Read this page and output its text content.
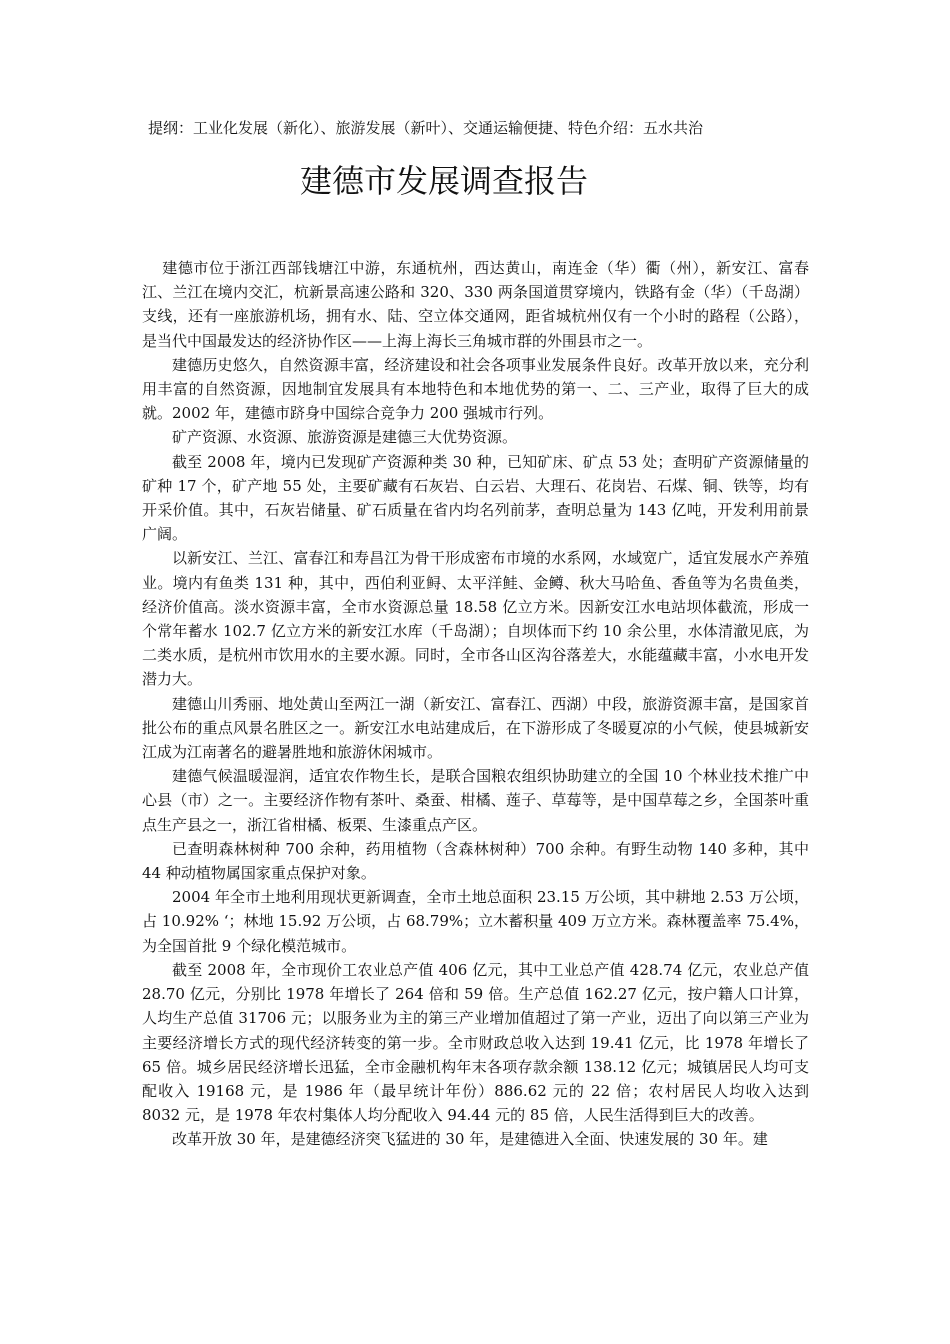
提纲：工业化发展（新化）、旅游发展（新叶）、交通运输便捷、特色介绍：五水共治
建德市发展调查报告

建德市位于浙江西部钱塘江中游，东通杭州，西达黄山，南连金（华）衢（州），新安江、富春江、兰江在境内交汇，杭新景高速公路和 320、330 两条国道贯穿境内，铁路有金（华）（千岛湖）支线，还有一座旅游机场，拥有水、陆、空立体交通网，距省城杭州仅有一个小时的路程（公路），是当代中国最发达的经济协作区——上海上海长三角城市群的外围县市之一。

建德历史悠久，自然资源丰富，经济建设和社会各项事业发展条件良好。改革开放以来，充分利用丰富的自然资源，因地制宜发展具有本地特色和本地优势的第一、二、三产业，取得了巨大的成就。2002 年，建德市跻身中国综合竞争力 200 强城市行列。

矿产资源、水资源、旅游资源是建德三大优势资源。

截至 2008 年，境内已发现矿产资源种类 30 种，已知矿床、矿点 53 处；查明矿产资源储量的矿种 17 个，矿产地 55 处，主要矿藏有石灰岩、白云岩、大理石、花岗岩、石煤、铜、铁等，均有开采价值。其中，石灰岩储量、矿石质量在省内均名列前茅，查明总量为 143 亿吨，开发利用前景广阔。

以新安江、兰江、富春江和寿昌江为骨干形成密布市境的水系网，水域宽广，适宜发展水产养殖业。境内有鱼类 131 种，其中，西伯利亚鲟、太平洋鲑、金鳟、秋大马哈鱼、香鱼等为名贵鱼类，经济价值高。淡水资源丰富，全市水资源总量 18.58 亿立方米。因新安江水电站坝体截流，形成一个常年蓄水 102.7 亿立方米的新安江水库（千岛湖）；自坝体而下约 10 余公里，水体清澈见底，为二类水质，是杭州市饮用水的主要水源。同时，全市各山区沟谷落差大，水能蕴藏丰富，小水电开发潜力大。

建德山川秀丽、地处黄山至两江一湖（新安江、富春江、西湖）中段，旅游资源丰富，是国家首批公布的重点风景名胜区之一。新安江水电站建成后，在下游形成了冬暖夏凉的小气候，使县城新安江成为江南著名的避暑胜地和旅游休闲城市。

建德气候温暖湿润，适宜农作物生长，是联合国粮农组织协助建立的全国 10 个林业技术推广中心县（市）之一。主要经济作物有茶叶、桑蚕、柑橘、莲子、草莓等，是中国草莓之乡，全国茶叶重点生产县之一，浙江省柑橘、板栗、生漆重点产区。

已查明森林树种 700 余种，药用植物（含森林树种）700 余种。有野生动物 140 多种，其中 44 种动植物属国家重点保护对象。

2004 年全市土地利用现状更新调查，全市土地总面积 23.15 万公顷，其中耕地 2.53 万公顷，占 10.92% ‘；林地 15.92 万公顷，占 68.79%；立木蓄积量 409 万立方米。森林覆盖率 75.4%，为全国首批 9 个绿化模范城市。

截至 2008 年，全市现价工农业总产值 406 亿元，其中工业总产值 428.74 亿元，农业总产值 28.70 亿元，分别比 1978 年增长了 264 倍和 59 倍。生产总值 162.27 亿元，按户籍人口计算，人均生产总值 31706 元；以服务业为主的第三产业增加值超过了第一产业，迈出了向以第三产业为主要经济增长方式的现代经济转变的第一步。全市财政总收入达到 19.41 亿元，比 1978 年增长了 65 倍。城乡居民经济增长迅猛，全市金融机构年末各项存款余额 138.12 亿元；城镇居民人均可支配收入 19168 元，是 1986 年（最早统计年份）886.62 元的 22 倍；农村居民人均收入达到 8032 元，是 1978 年农村集体人均分配收入 94.44 元的 85 倍，人民生活得到巨大的改善。

改革开放 30 年，是建德经济突飞猛进的 30 年，是建德进入全面、快速发展的 30 年。建
